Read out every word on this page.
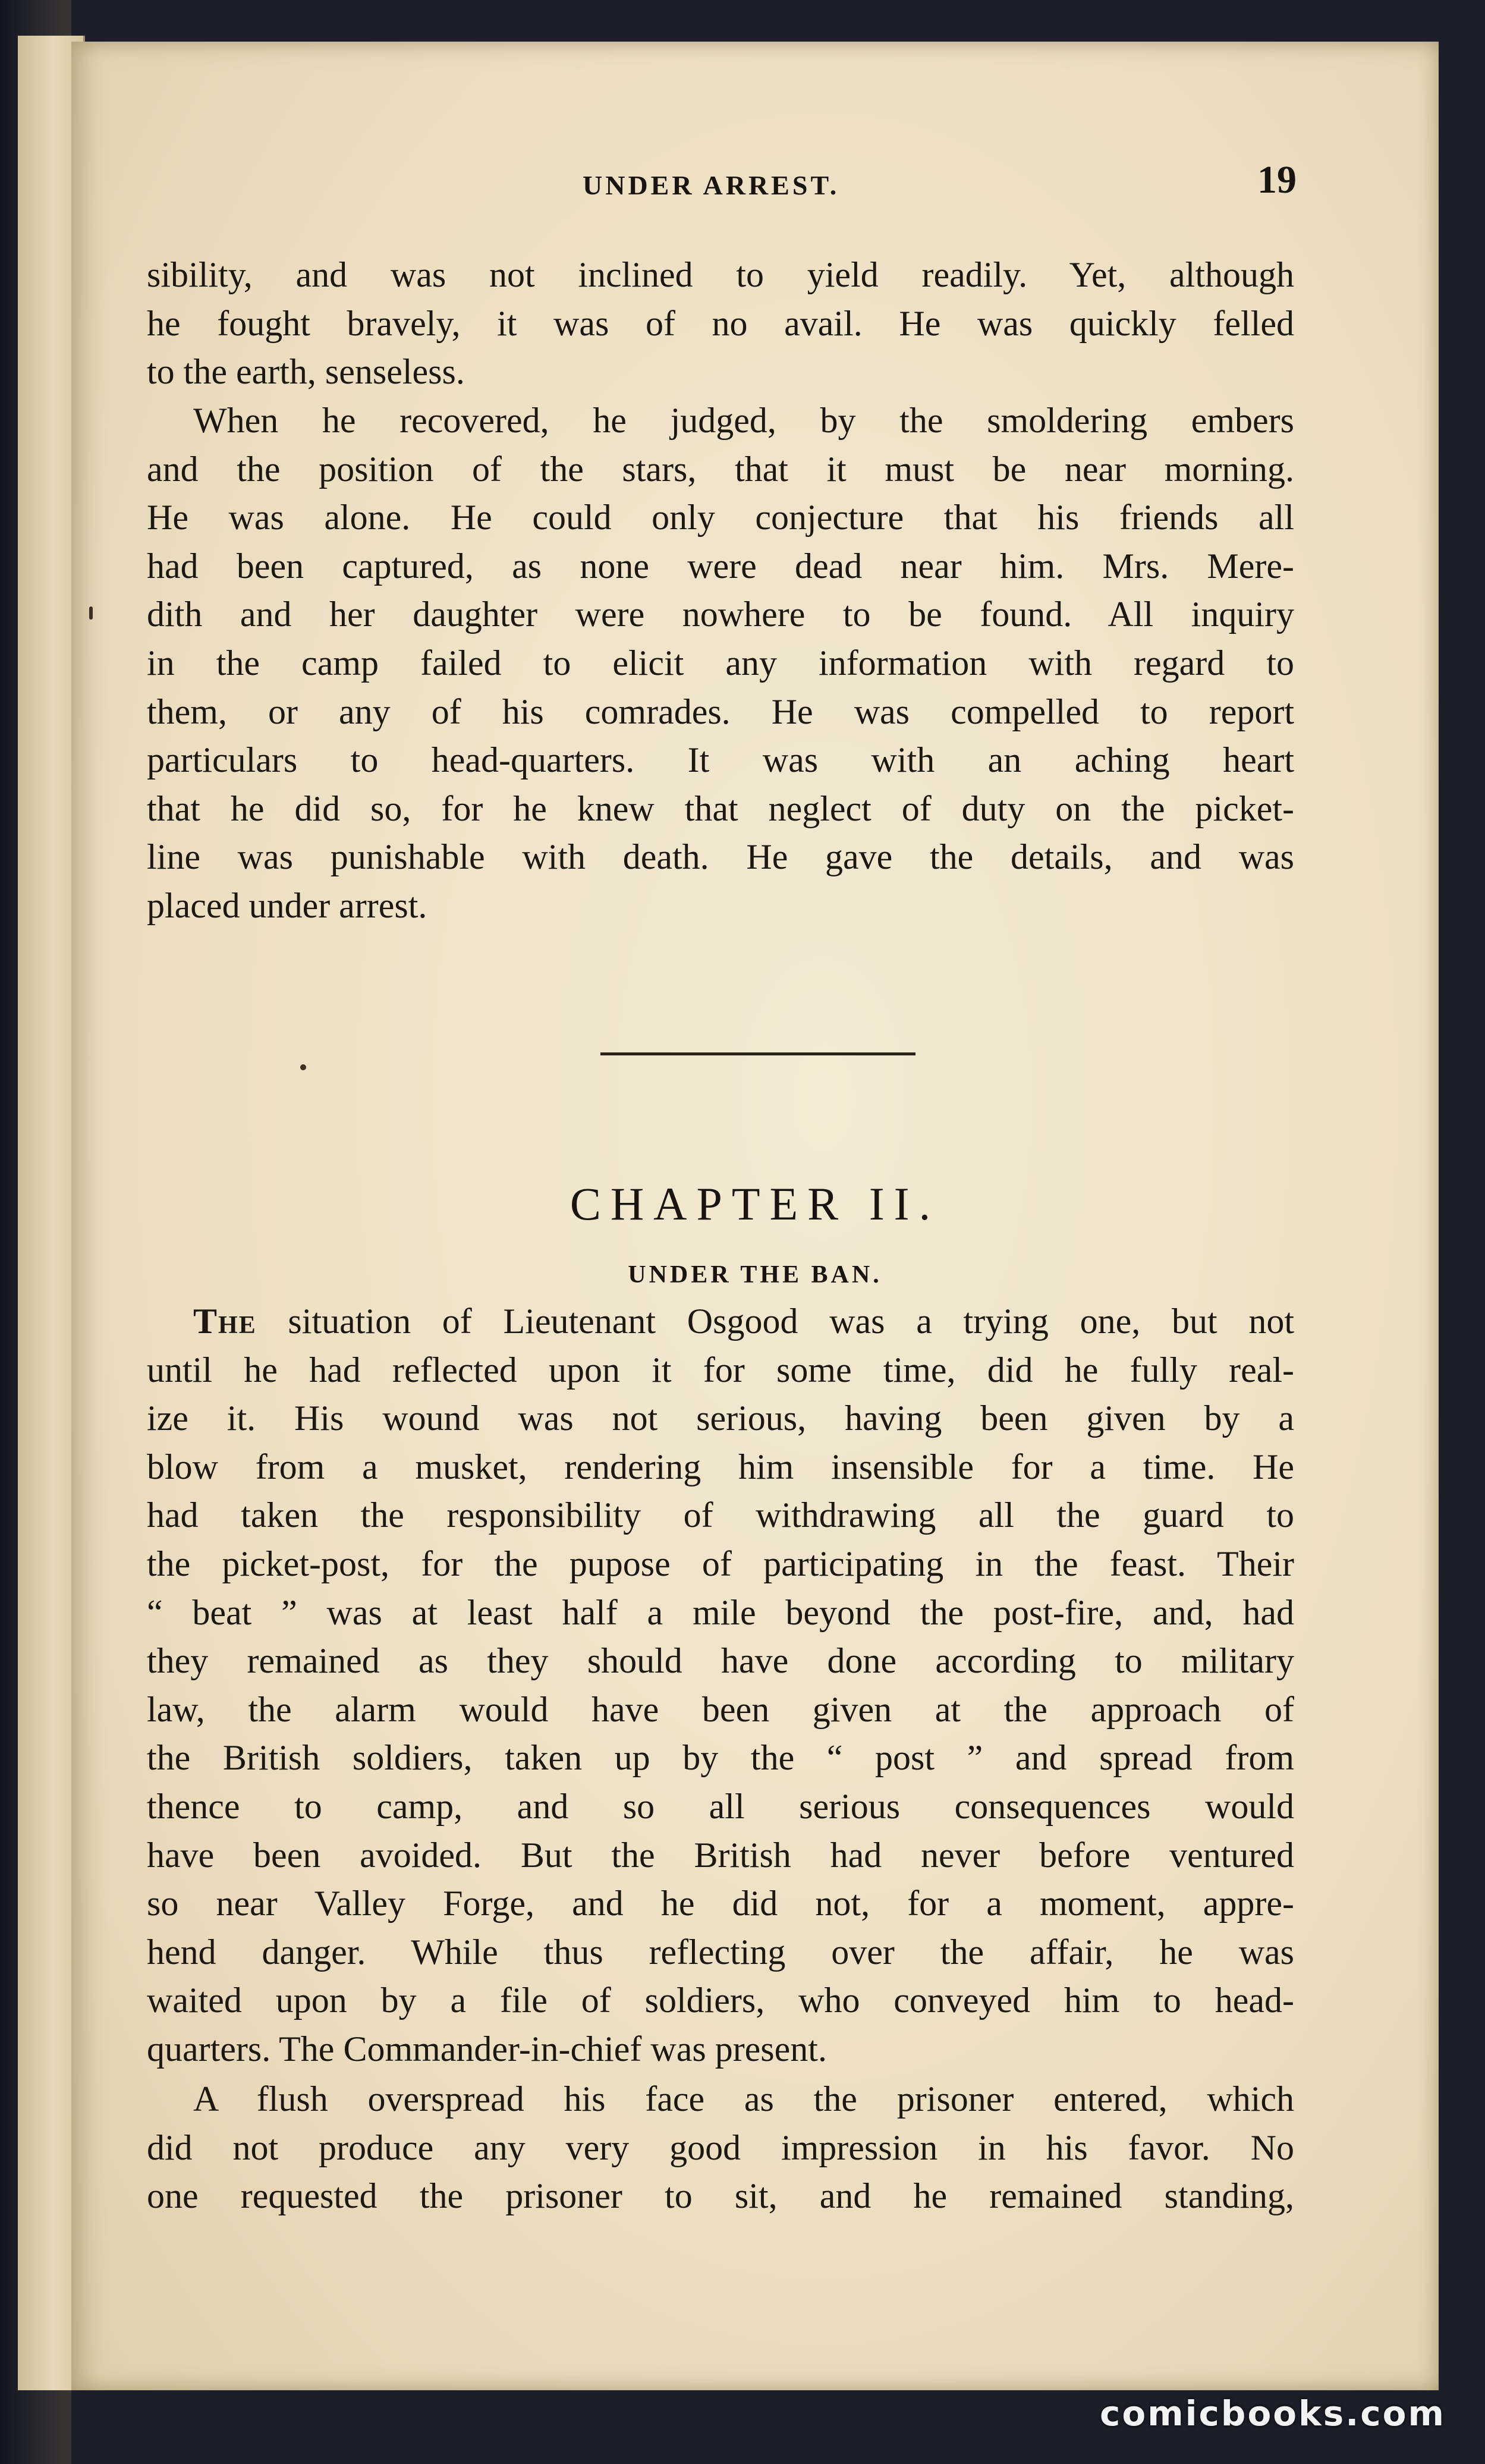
UNDER ARREST.	19
sibility, and was not inclined to yield readily. Yet, although
he fought bravely, it was of no avail. He was quickly felled
to the earth, senseless.
When he recovered, he judged, by the smoldering embers
and the position of the stars, that it must be near morning.
He was alone. He could only conjecture that his friends all
had been captured, as none were dead near him. Mrs. Mere-
dith and her daughter were nowhere to be found. All inquiry
in the camp failed to elicit any information with regard to
them, or any of his comrades. He was compelled to report
particulars to head-quarters. It was with an aching heart
that he did so, for he knew that neglect of duty on the picket-
line was punishable with death. He gave the details, and was
placed under arrest.
CHAPTER II.
UNDER THE BAN.
The situation of Lieutenant Osgood was a trying one, but not
until he had reflected upon it for some time, did he fully real-
ize it. His wound was not serious, having been given by a
blow from a musket, rendering him insensible for a time. He
had taken the responsibility of withdrawing all the guard to
the picket-post, for the pupose of participating in the feast. Their
“ beat ” was at least half a mile beyond the post-fire, and, had
they remained as they should have done according to military
law, the alarm would have been given at the approach of
the British soldiers, taken up by the “ post ” and spread from
thence to camp, and so all serious consequences would
have been avoided. But the British had never before ventured
so near Valley Forge, and he did not, for a moment, appre-
hend danger. While thus reflecting over the affair, he was
waited upon by a file of soldiers, who conveyed him to head-
quarters. The Commander-in-chief was present.
A flush overspread his face as the prisoner entered, which
did not produce any very good impression in his favor. No
one requested the prisoner to sit, and he remained standing,
comicbooks.com
